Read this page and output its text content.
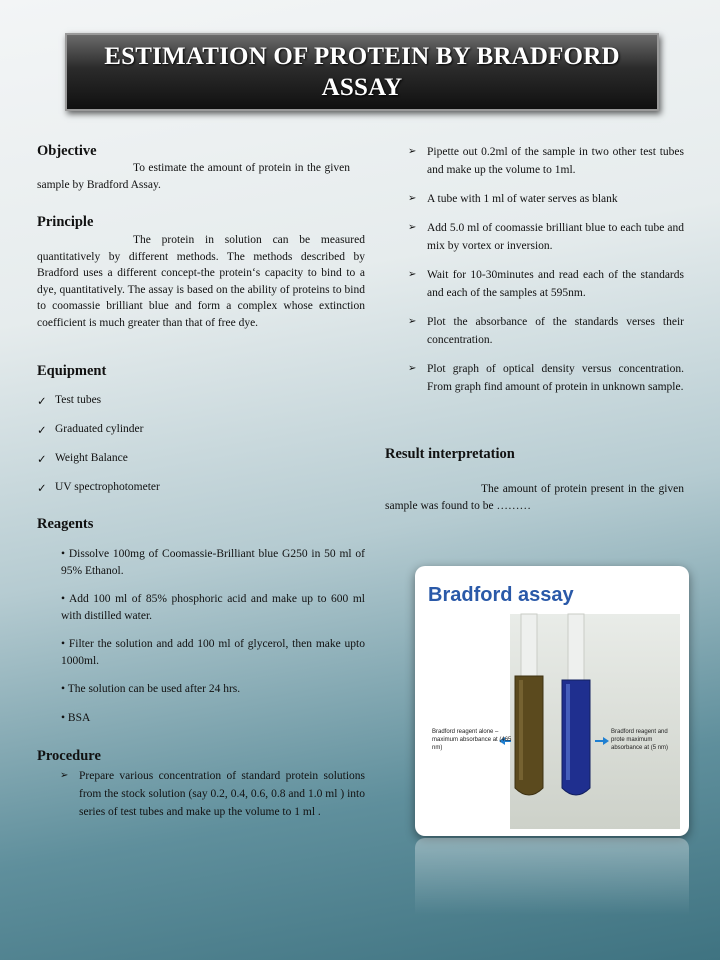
ESTIMATION OF PROTEIN BY BRADFORD ASSAY
Objective

To estimate the amount of protein in the given sample by Bradford Assay.

Principle

The protein in solution can be measured quantitatively by different methods. The methods described by Bradford uses a different concept-the protein‘s capacity to bind to a dye, quantitatively. The assay is based on the ability of proteins to bind to coomassie brilliant blue and form a complex whose extinction coefficient is much greater than that of free dye.

Equipment
✓ Test tubes
✓ Graduated cylinder
✓ Weight Balance
✓ UV spectrophotometer
Reagents
• Dissolve 100mg of Coomassie-Brilliant blue G250 in 50 ml of 95% Ethanol.
• Add 100 ml of 85% phosphoric acid and make up to 600 ml with distilled water.
• Filter the solution and add 100 ml of glycerol, then make upto 1000ml.
• The solution can be used after 24 hrs.
• BSA
Procedure
➢ Prepare various concentration of standard protein solutions from the stock solution (say 0.2, 0.4, 0.6, 0.8 and 1.0 ml ) into series of test tubes and make up the volume to 1 ml .
➢ Pipette out 0.2ml of the sample in two other test tubes and make up the volume to 1ml.
➢ A tube with 1 ml of water serves as blank
➢ Add 5.0 ml of coomassie brilliant blue to each tube and mix by vortex or inversion.
➢ Wait for 10-30minutes and read each of the standards and each of the samples at 595nm.
➢ Plot the absorbance of the standards verses their concentration.
➢ Plot graph of optical density versus concentration. From graph find amount of protein in unknown sample.
Result interpretation

The amount of protein present in the given sample was found to be ………

Bradford assay

Bradford reagent alone – maximum absorbance at (465 nm)

Bradford reagent and prote maximum absorbance at (5 nm)
